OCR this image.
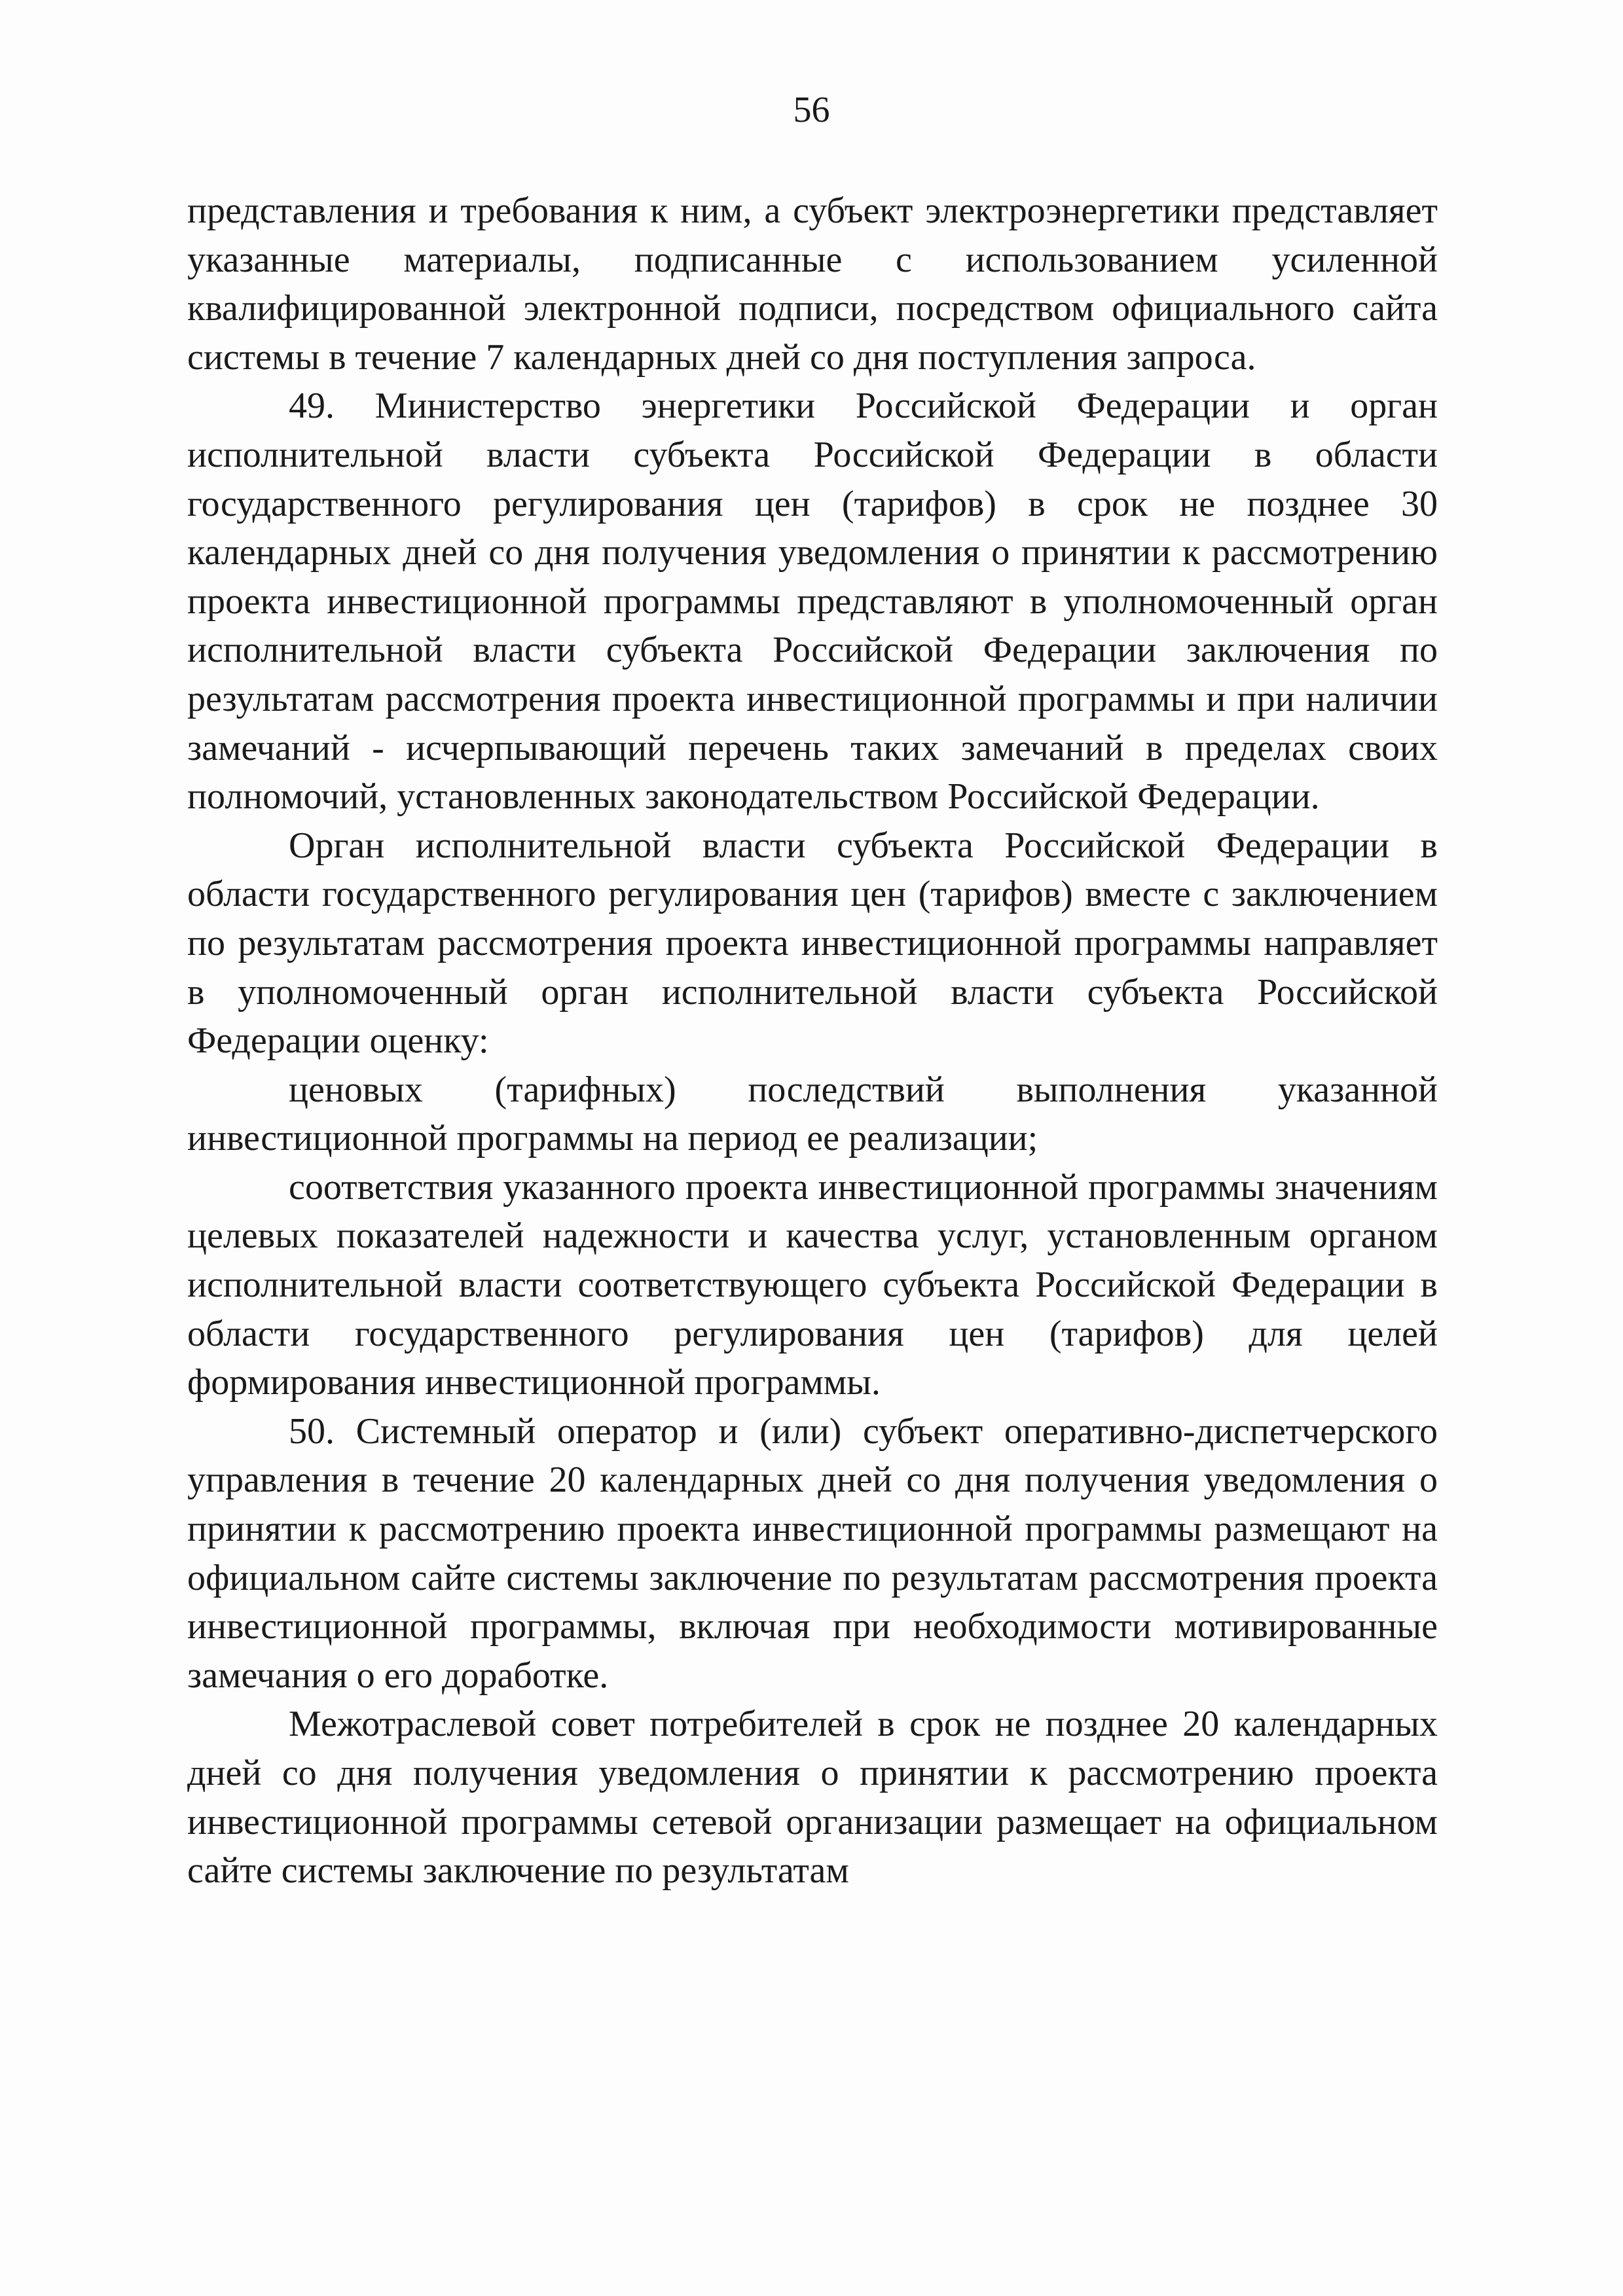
56

представления и требования к ним, а субъект электроэнергетики представляет указанные материалы, подписанные с использованием усиленной квалифицированной электронной подписи, посредством официального сайта системы в течение 7 календарных дней со дня поступления запроса.

49. Министерство энергетики Российской Федерации и орган исполнительной власти субъекта Российской Федерации в области государственного регулирования цен (тарифов) в срок не позднее 30 календарных дней со дня получения уведомления о принятии к рассмотрению проекта инвестиционной программы представляют в уполномоченный орган исполнительной власти субъекта Российской Федерации заключения по результатам рассмотрения проекта инвестиционной программы и при наличии замечаний - исчерпывающий перечень таких замечаний в пределах своих полномочий, установленных законодательством Российской Федерации.

Орган исполнительной власти субъекта Российской Федерации в области государственного регулирования цен (тарифов) вместе с заключением по результатам рассмотрения проекта инвестиционной программы направляет в уполномоченный орган исполнительной власти субъекта Российской Федерации оценку:

ценовых (тарифных) последствий выполнения указанной инвестиционной программы на период ее реализации;

соответствия указанного проекта инвестиционной программы значениям целевых показателей надежности и качества услуг, установленным органом исполнительной власти соответствующего субъекта Российской Федерации в области государственного регулирования цен (тарифов) для целей формирования инвестиционной программы.

50. Системный оператор и (или) субъект оперативно-диспетчерского управления в течение 20 календарных дней со дня получения уведомления о принятии к рассмотрению проекта инвестиционной программы размещают на официальном сайте системы заключение по результатам рассмотрения проекта инвестиционной программы, включая при необходимости мотивированные замечания о его доработке.

Межотраслевой совет потребителей в срок не позднее 20 календарных дней со дня получения уведомления о принятии к рассмотрению проекта инвестиционной программы сетевой организации размещает на официальном сайте системы заключение по результатам
